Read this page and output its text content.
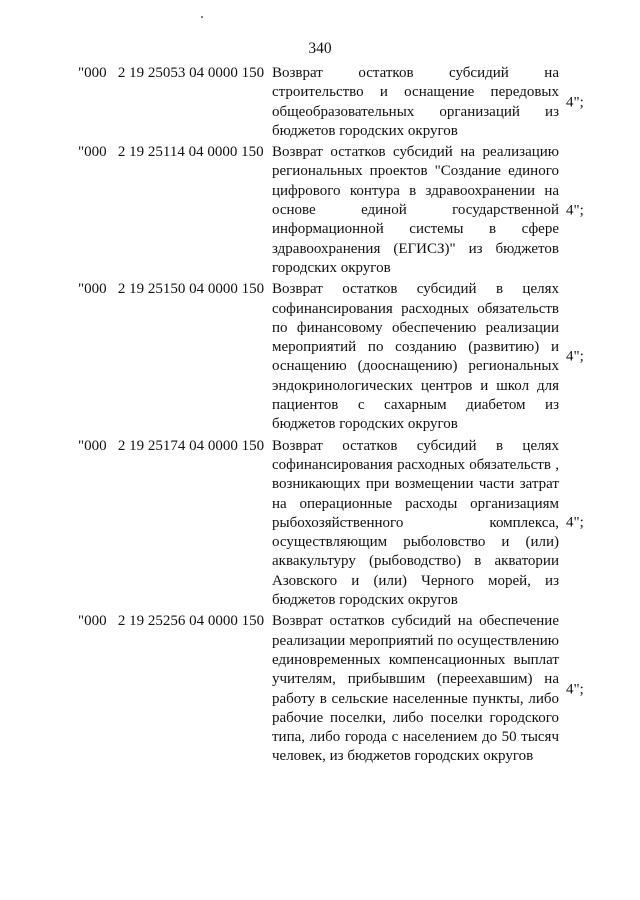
340
"000   2 19 25053 04 0000 150 Возврат остатков субсидий на строительство и оснащение передовых общеобразовательных организаций из бюджетов городских округов
4";
"000   2 19 25114 04 0000 150 Возврат остатков субсидий на реализацию региональных проектов "Создание единого цифрового контура в здравоохранении на основе единой государственной информационной системы в сфере здравоохранения (ЕГИСЗ)" из бюджетов городских округов
4";
"000   2 19 25150 04 0000 150 Возврат остатков субсидий в целях софинансирования расходных обязательств по финансовому обеспечению реализации мероприятий по созданию (развитию) и оснащению (дооснащению) региональных эндокринологических центров и школ для пациентов с сахарным диабетом из бюджетов городских округов
4";
"000   2 19 25174 04 0000 150 Возврат остатков субсидий в целях софинансирования расходных обязательств , возникающих при возмещении части затрат на операционные расходы организациям рыбохозяйственного комплекса, осуществляющим рыболовство и (или) аквакультуру (рыбоводство) в акватории Азовского и (или) Черного морей, из бюджетов городских округов
4";
"000   2 19 25256 04 0000 150 Возврат остатков субсидий на обеспечение реализации мероприятий по осуществлению единовременных компенсационных выплат учителям, прибывшим (переехавшим) на работу в сельские населенные пункты, либо рабочие поселки, либо поселки городского типа, либо города с населением до 50 тысяч человек, из бюджетов городских округов
4";
